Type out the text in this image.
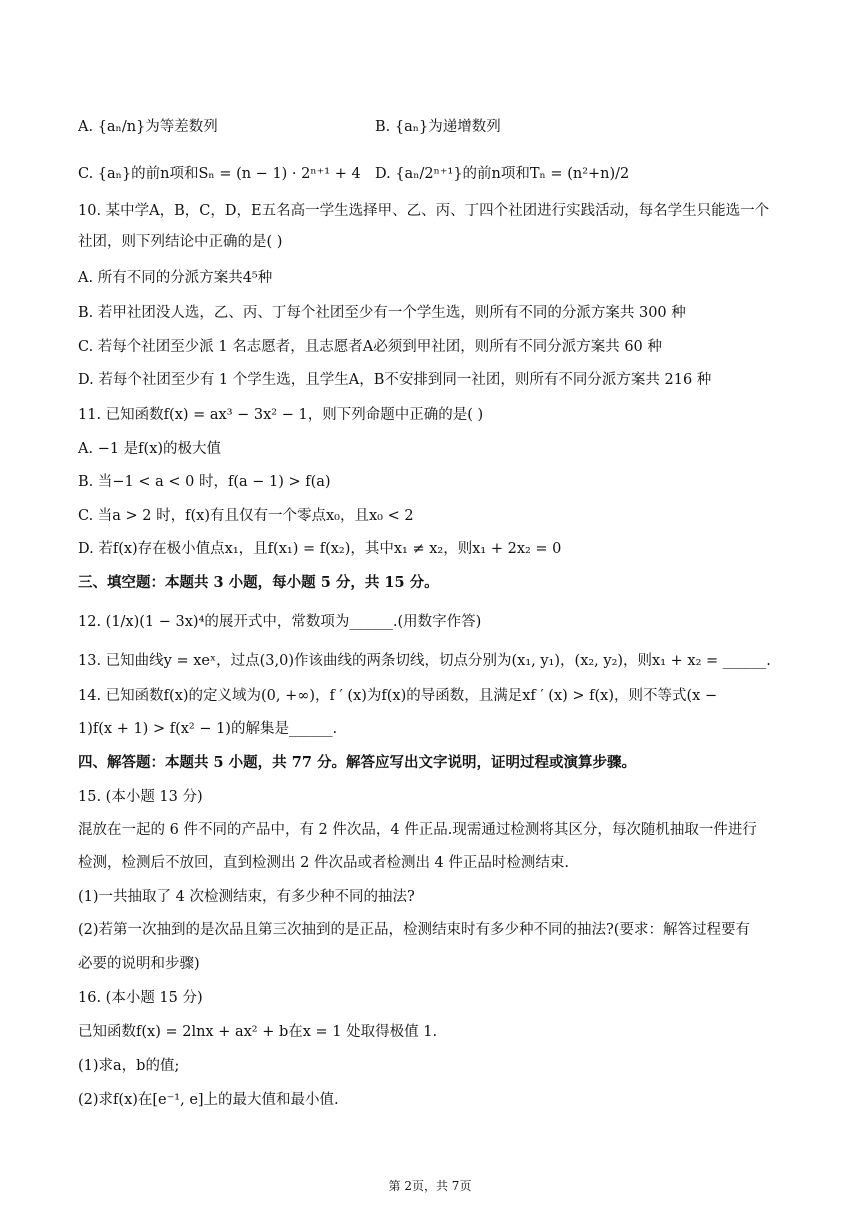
A. {aₙ/n}为等差数列	B. {aₙ}为递增数列
C. {aₙ}的前n项和Sₙ = (n − 1) · 2ⁿ⁺¹ + 4 D. {aₙ/2ⁿ⁺¹}的前n项和Tₙ = (n²+n)/2
10. 某中学A，B，C，D，E五名高一学生选择甲、乙、丙、丁四个社团进行实践活动，每名学生只能选一个
社团，则下列结论中正确的是( )
A. 所有不同的分派方案共4⁵种
B. 若甲社团没人选，乙、丙、丁每个社团至少有一个学生选，则所有不同的分派方案共 300 种
C. 若每个社团至少派 1 名志愿者，且志愿者A必须到甲社团，则所有不同分派方案共 60 种
D. 若每个社团至少有 1 个学生选，且学生A，B不安排到同一社团，则所有不同分派方案共 216 种
11. 已知函数f(x) = ax³ − 3x² − 1，则下列命题中正确的是( )
A. −1 是f(x)的极大值
B. 当−1 < a < 0 时，f(a − 1) > f(a)
C. 当a > 2 时，f(x)有且仅有一个零点x₀，且x₀ < 2
D. 若f(x)存在极小值点x₁，且f(x₁) = f(x₂)，其中x₁ ≠ x₂，则x₁ + 2x₂ = 0
三、填空题：本题共 3 小题，每小题 5 分，共 15 分。
12. (1/x)(1 − 3x)⁴的展开式中，常数项为______.(用数字作答)
13. 已知曲线y = xeˣ，过点(3,0)作该曲线的两条切线，切点分别为(x₁, y₁)，(x₂, y₂)，则x₁ + x₂ = ______.
14. 已知函数f(x)的定义域为(0, +∞)，f ′ (x)为f(x)的导函数，且满足xf ′ (x) > f(x)，则不等式(x −
1)f(x + 1) > f(x² − 1)的解集是______.
四、解答题：本题共 5 小题，共 77 分。解答应写出文字说明，证明过程或演算步骤。
15. (本小题 13 分)
混放在一起的 6 件不同的产品中，有 2 件次品，4 件正品.现需通过检测将其区分，每次随机抽取一件进行
检测，检测后不放回，直到检测出 2 件次品或者检测出 4 件正品时检测结束.
(1)一共抽取了 4 次检测结束，有多少种不同的抽法?
(2)若第一次抽到的是次品且第三次抽到的是正品，检测结束时有多少种不同的抽法?(要求：解答过程要有
必要的说明和步骤)
16. (本小题 15 分)
已知函数f(x) = 2lnx + ax² + b在x = 1 处取得极值 1.
(1)求a，b的值;
(2)求f(x)在[e⁻¹, e]上的最大值和最小值.
第 2页，共 7页
